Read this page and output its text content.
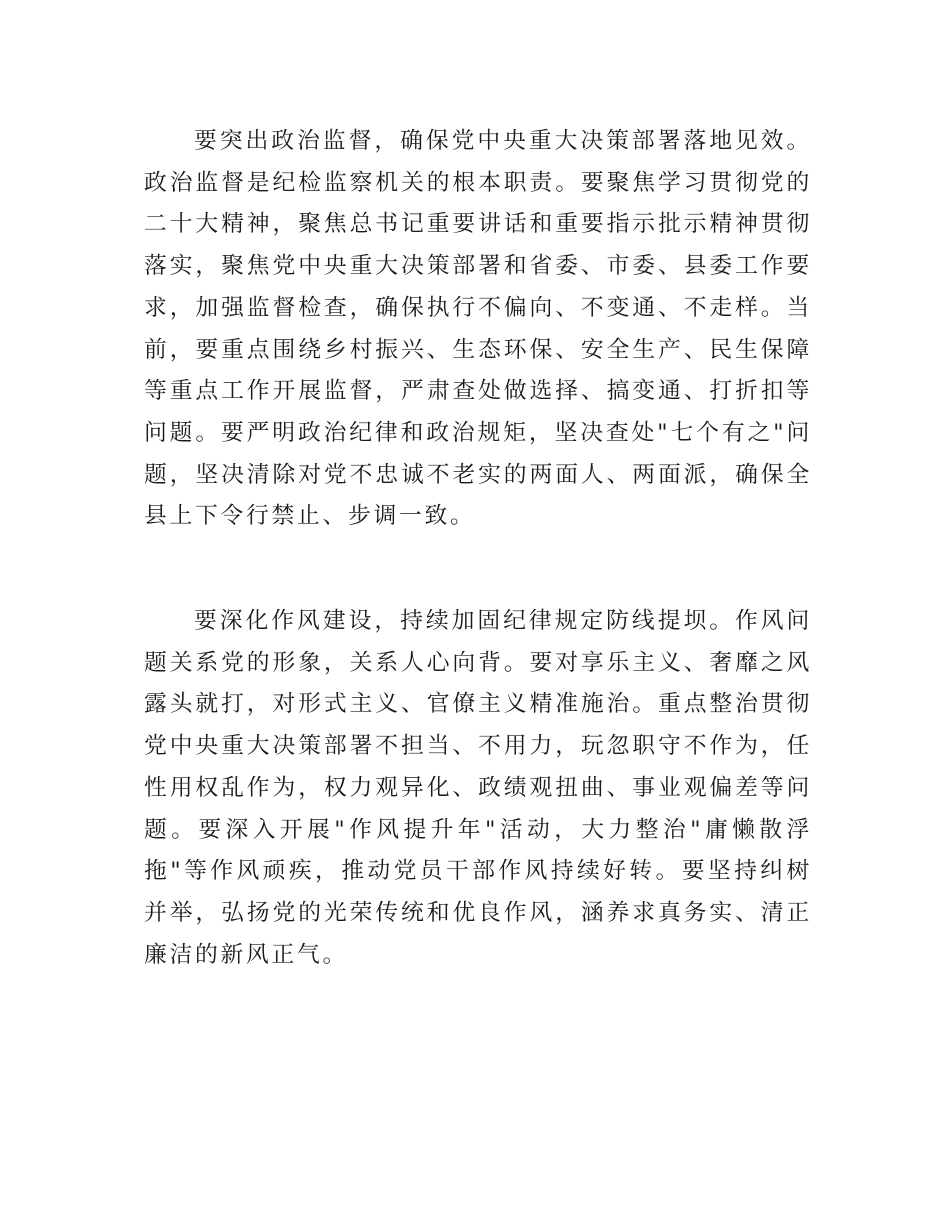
要突出政治监督，确保党中央重大决策部署落地见效。政治监督是纪检监察机关的根本职责。要聚焦学习贯彻党的二十大精神，聚焦总书记重要讲话和重要指示批示精神贯彻落实，聚焦党中央重大决策部署和省委、市委、县委工作要求，加强监督检查，确保执行不偏向、不变通、不走样。当前，要重点围绕乡村振兴、生态环保、安全生产、民生保障等重点工作开展监督，严肃查处做选择、搞变通、打折扣等问题。要严明政治纪律和政治规矩，坚决查处"七个有之"问题，坚决清除对党不忠诚不老实的两面人、两面派，确保全县上下令行禁止、步调一致。

要深化作风建设，持续加固纪律规定防线提坝。作风问题关系党的形象，关系人心向背。要对享乐主义、奢靡之风露头就打，对形式主义、官僚主义精准施治。重点整治贯彻党中央重大决策部署不担当、不用力，玩忽职守不作为，任性用权乱作为，权力观异化、政绩观扭曲、事业观偏差等问题。要深入开展"作风提升年"活动，大力整治"庸懒散浮拖"等作风顽疾，推动党员干部作风持续好转。要坚持纠树并举，弘扬党的光荣传统和优良作风，涵养求真务实、清正廉洁的新风正气。
